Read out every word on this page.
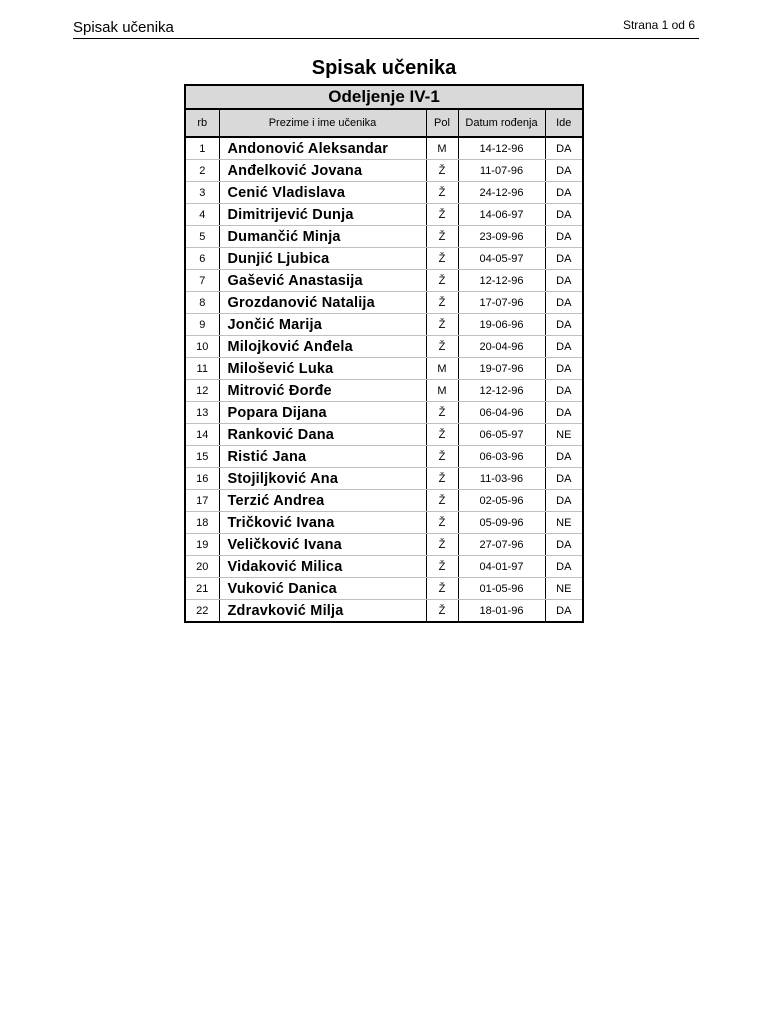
Spisak učenika	Strana 1 od 6
Spisak učenika
Odeljenje IV-1				
rb	Prezime i ime učenika	Pol	Datum rođenja	Ide
1	Andonović Aleksandar	M	14-12-96	DA
2	Anđelković Jovana	Ž	11-07-96	DA
3	Cenić Vladislava	Ž	24-12-96	DA
4	Dimitrijević Dunja	Ž	14-06-97	DA
5	Dumančić Minja	Ž	23-09-96	DA
6	Dunjić Ljubica	Ž	04-05-97	DA
7	Gašević Anastasija	Ž	12-12-96	DA
8	Grozdanović Natalija	Ž	17-07-96	DA
9	Jončić Marija	Ž	19-06-96	DA
10	Milojković Anđela	Ž	20-04-96	DA
11	Milošević Luka	M	19-07-96	DA
12	Mitrović Đorđe	M	12-12-96	DA
13	Popara Dijana	Ž	06-04-96	DA
14	Ranković Dana	Ž	06-05-97	NE
15	Ristić Jana	Ž	06-03-96	DA
16	Stojiljković Ana	Ž	11-03-96	DA
17	Terzić Andrea	Ž	02-05-96	DA
18	Tričković Ivana	Ž	05-09-96	NE
19	Veličković Ivana	Ž	27-07-96	DA
20	Vidaković Milica	Ž	04-01-97	DA
21	Vuković Danica	Ž	01-05-96	NE
22	Zdravković Milja	Ž	18-01-96	DA
